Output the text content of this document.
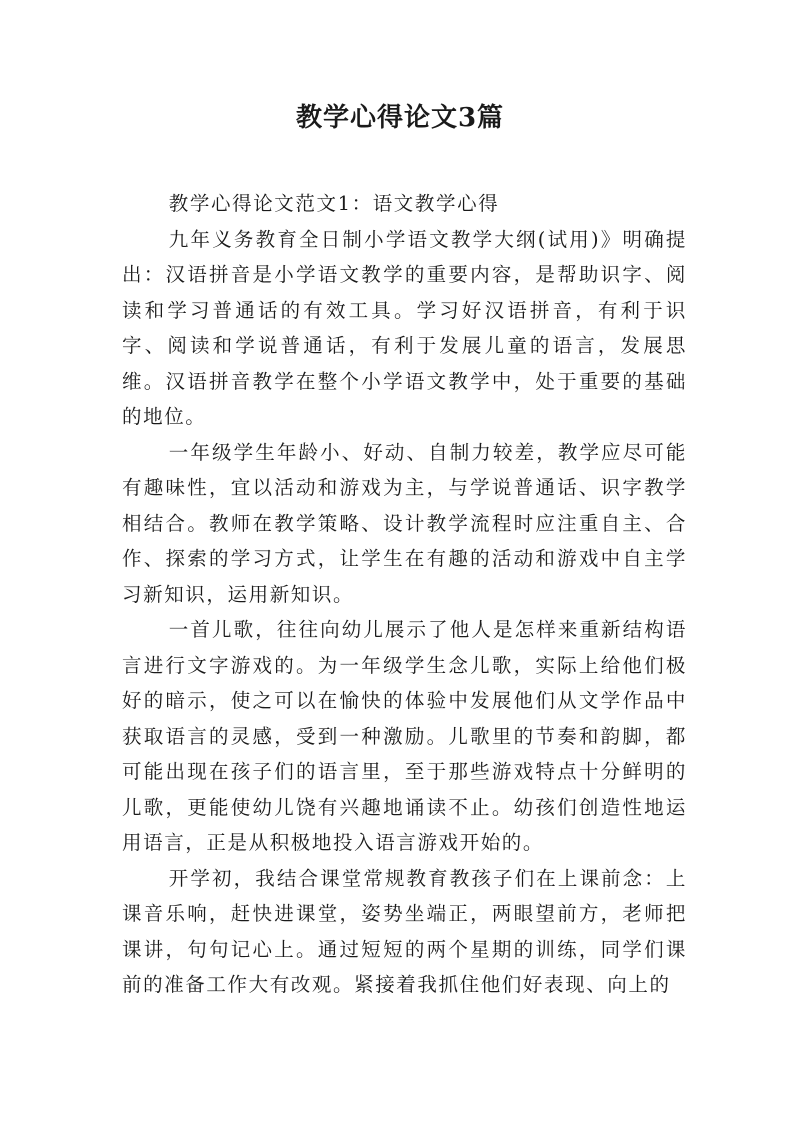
教学心得论文3篇

教学心得论文范文1：语文教学心得

九年义务教育全日制小学语文教学大纲(试用)》明确提出：汉语拼音是小学语文教学的重要内容，是帮助识字、阅读和学习普通话的有效工具。学习好汉语拼音，有利于识字、阅读和学说普通话，有利于发展儿童的语言，发展思维。汉语拼音教学在整个小学语文教学中，处于重要的基础的地位。

一年级学生年龄小、好动、自制力较差，教学应尽可能有趣味性，宜以活动和游戏为主，与学说普通话、识字教学相结合。教师在教学策略、设计教学流程时应注重自主、合作、探索的学习方式，让学生在有趣的活动和游戏中自主学习新知识，运用新知识。

一首儿歌，往往向幼儿展示了他人是怎样来重新结构语言进行文字游戏的。为一年级学生念儿歌，实际上给他们极好的暗示，使之可以在愉快的体验中发展他们从文学作品中获取语言的灵感，受到一种激励。儿歌里的节奏和韵脚，都可能出现在孩子们的语言里，至于那些游戏特点十分鲜明的儿歌，更能使幼儿饶有兴趣地诵读不止。幼孩们创造性地运用语言，正是从积极地投入语言游戏开始的。

开学初，我结合课堂常规教育教孩子们在上课前念：上课音乐响，赶快进课堂，姿势坐端正，两眼望前方，老师把课讲，句句记心上。通过短短的两个星期的训练，同学们课前的准备工作大有改观。紧接着我抓住他们好表现、向上的
